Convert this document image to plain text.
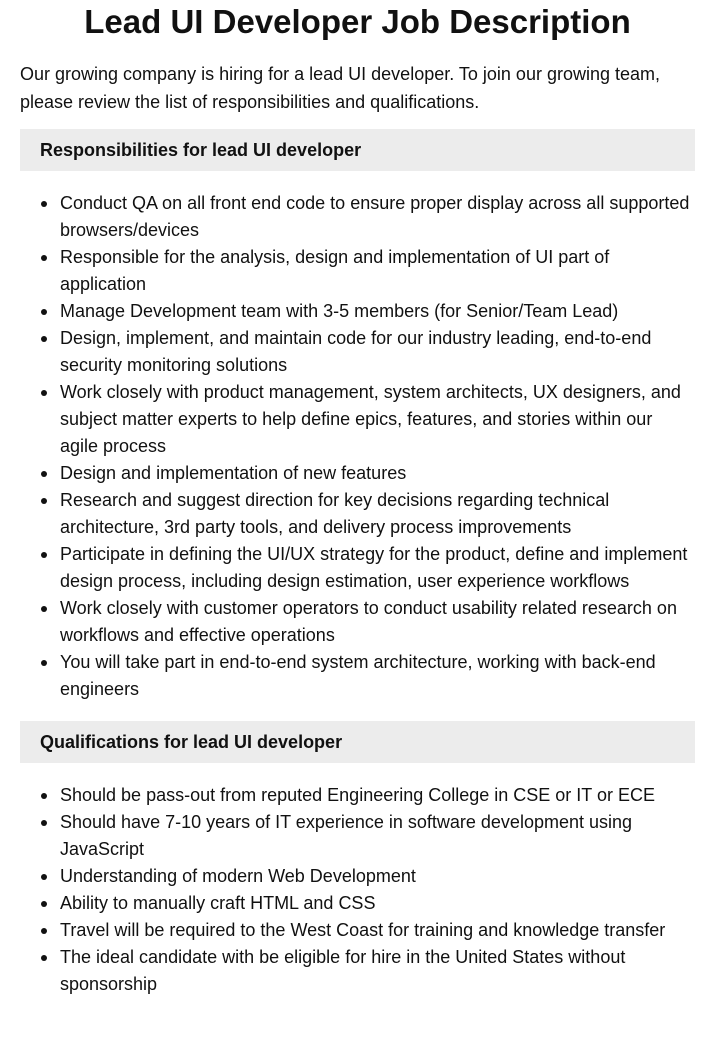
Lead UI Developer Job Description

Our growing company is hiring for a lead UI developer. To join our growing team, please review the list of responsibilities and qualifications.

Responsibilities for lead UI developer
Conduct QA on all front end code to ensure proper display across all supported browsers/devices
Responsible for the analysis, design and implementation of UI part of application
Manage Development team with 3-5 members (for Senior/Team Lead)
Design, implement, and maintain code for our industry leading, end-to-end security monitoring solutions
Work closely with product management, system architects, UX designers, and subject matter experts to help define epics, features, and stories within our agile process
Design and implementation of new features
Research and suggest direction for key decisions regarding technical architecture, 3rd party tools, and delivery process improvements
Participate in defining the UI/UX strategy for the product, define and implement design process, including design estimation, user experience workflows
Work closely with customer operators to conduct usability related research on workflows and effective operations
You will take part in end-to-end system architecture, working with back-end engineers
Qualifications for lead UI developer
Should be pass-out from reputed Engineering College in CSE or IT or ECE
Should have 7-10 years of IT experience in software development using JavaScript
Understanding of modern Web Development
Ability to manually craft HTML and CSS
Travel will be required to the West Coast for training and knowledge transfer
The ideal candidate with be eligible for hire in the United States without sponsorship
